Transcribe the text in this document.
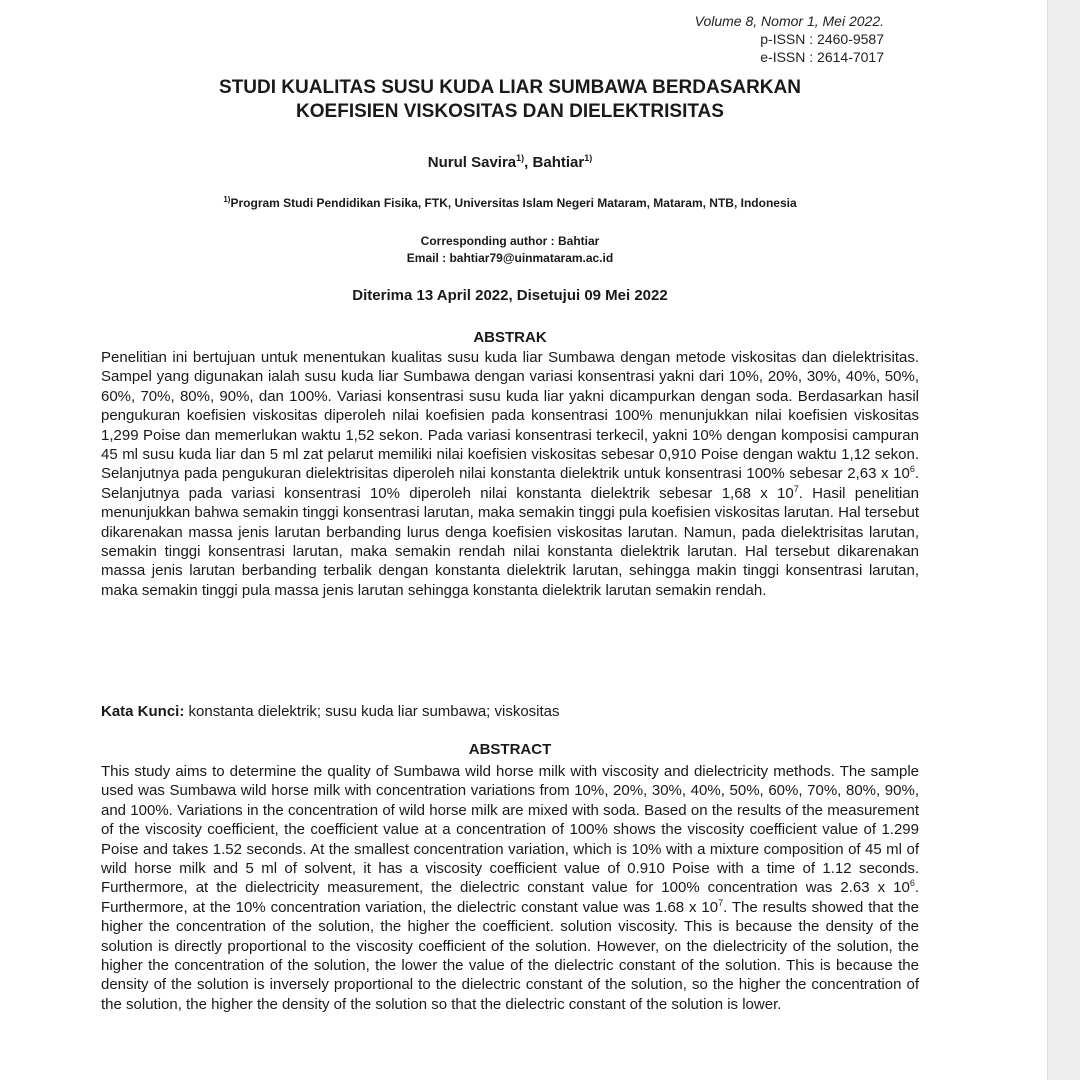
Volume 8, Nomor 1, Mei 2022.
p-ISSN : 2460-9587
e-ISSN : 2614-7017
STUDI KUALITAS SUSU KUDA LIAR SUMBAWA BERDASARKAN
KOEFISIEN VISKOSITAS DAN DIELEKTRISITAS
Nurul Savira$^{1)}$, Bahtiar$^{1)}$
$^{1)}$Program Studi Pendidikan Fisika, FTK, Universitas Islam Negeri Mataram, Mataram, NTB, Indonesia
Corresponding author : Bahtiar
Email : bahtiar79@uinmataram.ac.id
Diterima 13 April 2022, Disetujui 09 Mei 2022
ABSTRAK
Penelitian ini bertujuan untuk menentukan kualitas susu kuda liar Sumbawa dengan metode viskositas dan dielektrisitas. Sampel yang digunakan ialah susu kuda liar Sumbawa dengan variasi konsentrasi yakni dari 10%, 20%, 30%, 40%, 50%, 60%, 70%, 80%, 90%, dan 100%. Variasi konsentrasi susu kuda liar yakni dicampurkan dengan soda. Berdasarkan hasil pengukuran koefisien viskositas diperoleh nilai koefisien pada konsentrasi 100% menunjukkan nilai koefisien viskositas 1,299 Poise dan memerlukan waktu 1,52 sekon. Pada variasi konsentrasi terkecil, yakni 10% dengan komposisi campuran 45 ml susu kuda liar dan 5 ml zat pelarut memiliki nilai koefisien viskositas sebesar 0,910 Poise dengan waktu 1,12 sekon. Selanjutnya pada pengukuran dielektrisitas diperoleh nilai konstanta dielektrik untuk konsentrasi 100% sebesar 2,63 x $10^6$. Selanjutnya pada variasi konsentrasi 10% diperoleh nilai konstanta dielektrik sebesar 1,68 x $10^7$. Hasil penelitian menunjukkan bahwa semakin tinggi konsentrasi larutan, maka semakin tinggi pula koefisien viskositas larutan. Hal tersebut dikarenakan massa jenis larutan berbanding lurus denga koefisien viskositas larutan. Namun, pada dielektrisitas larutan, semakin tinggi konsentrasi larutan, maka semakin rendah nilai konstanta dielektrik larutan. Hal tersebut dikarenakan massa jenis larutan berbanding terbalik dengan konstanta dielektrik larutan, sehingga makin tinggi konsentrasi larutan, maka semakin tinggi pula massa jenis larutan sehingga konstanta dielektrik larutan semakin rendah.
Kata Kunci: konstanta dielektrik; susu kuda liar sumbawa; viskositas
ABSTRACT
This study aims to determine the quality of Sumbawa wild horse milk with viscosity and dielectricity methods. The sample used was Sumbawa wild horse milk with concentration variations from 10%, 20%, 30%, 40%, 50%, 60%, 70%, 80%, 90%, and 100%. Variations in the concentration of wild horse milk are mixed with soda. Based on the results of the measurement of the viscosity coefficient, the coefficient value at a concentration of 100% shows the viscosity coefficient value of 1.299 Poise and takes 1.52 seconds. At the smallest concentration variation, which is 10% with a mixture composition of 45 ml of wild horse milk and 5 ml of solvent, it has a viscosity coefficient value of 0.910 Poise with a time of 1.12 seconds. Furthermore, at the dielectricity measurement, the dielectric constant value for 100% concentration was 2.63 x $10^6$. Furthermore, at the 10% concentration variation, the dielectric constant value was 1.68 x $10^7$. The results showed that the higher the concentration of the solution, the higher the coefficient. solution viscosity. This is because the density of the solution is directly proportional to the viscosity coefficient of the solution. However, on the dielectricity of the solution, the higher the concentration of the solution, the lower the value of the dielectric constant of the solution. This is because the density of the solution is inversely proportional to the dielectric constant of the solution, so the higher the concentration of the solution, the higher the density of the solution so that the dielectric constant of the solution is lower.
